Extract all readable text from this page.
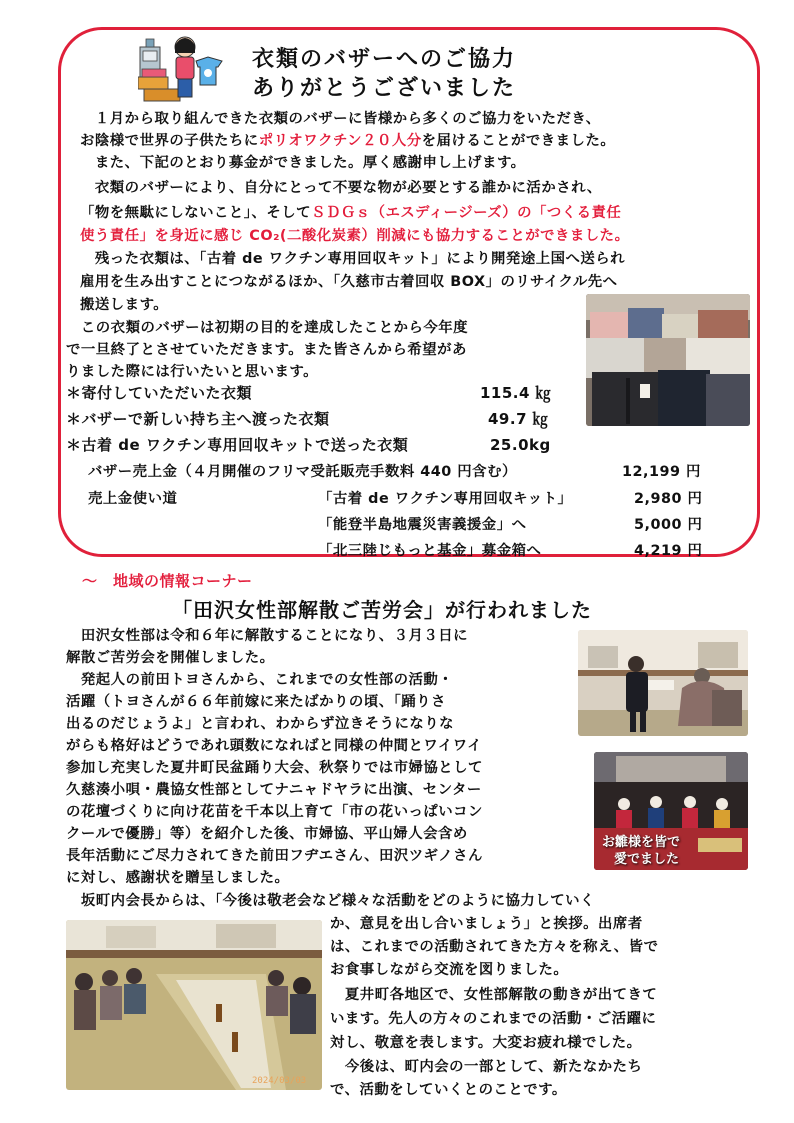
衣類のバザーへのご協力
ありがとうございました
　１月から取り組んできた衣類のバザーに皆様から多くのご協力をいただき、
お陰様で世界の子供たちにポリオワクチン２０人分を届けることができました。
　また、下記のとおり募金ができました。厚く感謝申し上げます。
　衣類のバザーにより、自分にとって不要な物が必要とする誰かに活かされ、
「物を無駄にしないこと」、そしてＳＤＧｓ（エスディージーズ）の「つくる責任
使う責任」を身近に感じ CO₂(二酸化炭素）削減にも協力することができました。
　残った衣類は、「古着 de ワクチン専用回収キット」により開発途上国へ送られ
雇用を生み出すことにつながるほか、「久慈市古着回収 BOX」のリサイクル先へ
搬送します。
　この衣類のバザーは初期の目的を達成したことから今年度
で一旦終了とさせていただきます。また皆さんから希望があ
りました際には行いたいと思います。
＊寄付していただいた衣類	115.4 ㎏
＊バザーで新しい持ち主へ渡った衣類	49.7 ㎏
＊古着 de ワクチン専用回収キットで送った衣類	25.0kg
バザー売上金（４月開催のフリマ受託販売手数料 440 円含む）	12,199 円
売上金使い道	「古着 de ワクチン専用回収キット」	2,980 円
「能登半島地震災害義援金」へ	5,000 円
「北三陸じもっと基金」募金箱へ	4,219 円
～　地域の情報コーナー
「田沢女性部解散ご苦労会」が行われました
　田沢女性部は令和６年に解散することになり、３月３日に
解散ご苦労会を開催しました。
　発起人の前田トヨさんから、これまでの女性部の活動・
活躍（トヨさんが６６年前嫁に来たばかりの頃、「踊りさ
出るのだじょうよ」と言われ、わからず泣きそうになりな
がらも格好はどうであれ頭数になればと同様の仲間とワイワイ
参加し充実した夏井町民盆踊り大会、秋祭りでは市婦協として
久慈湊小唄・農協女性部としてナニャドヤラに出演、センター
の花壇づくりに向け花苗を千本以上育て「市の花いっぱいコン
クールで優勝」等）を紹介した後、市婦協、平山婦人会含め
長年活動にご尽力されてきた前田フヂエさん、田沢ツギノさん
に対し、感謝状を贈呈しました。
　坂町内会長からは、「今後は敬老会など様々な活動をどのように協力していく
か、意見を出し合いましょう」と挨拶。出席者
は、これまでの活動されてきた方々を称え、皆で
お食事しながら交流を図りました。
　夏井町各地区で、女性部解散の動きが出てきて
います。先人の方々のこれまでの活動・ご活躍に
対し、敬意を表します。大変お疲れ様でした。
　今後は、町内会の一部として、新たなかたち
で、活動をしていくとのことです。
お雛様を皆で
愛でました
2024/03/03
